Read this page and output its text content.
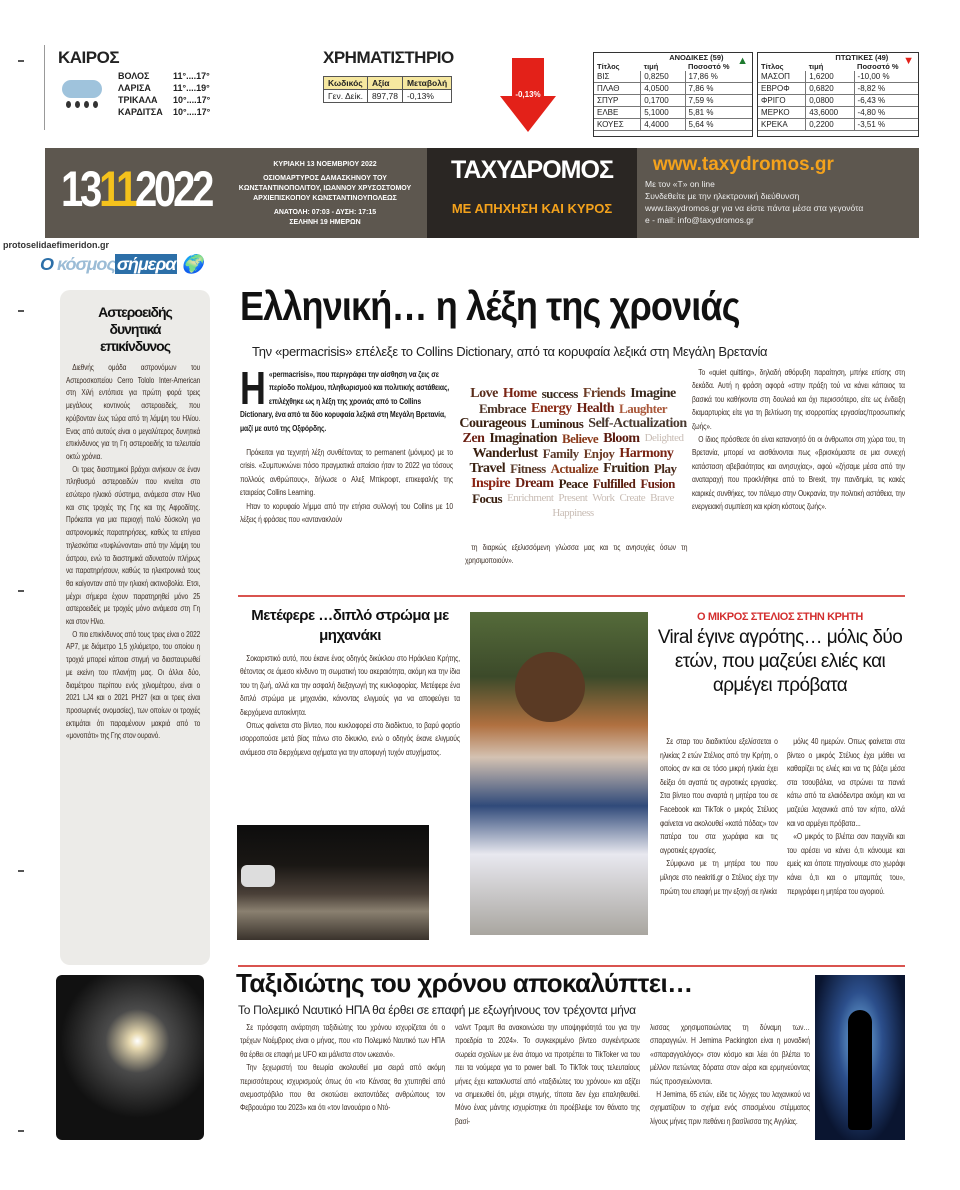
ΚΑΙΡΟΣ
ΒΟΛΟΣ	11°....17°
ΛΑΡΙΣΑ	11°....19°
ΤΡΙΚΑΛΑ	10°....17°
ΚΑΡΔΙΤΣΑ	10°....17°
ΧΡΗΜΑΤΙΣΤΗΡΙΟ
Κωδικός	Αξία	Μεταβολή
Γεν. Δείκ.	897,78	-0,13%	-0,13%
	ΑΝΟΔΙΚΕΣ (59)	
Τίτλος	τιμή	Ποσοστό %
ΒΙΣ	0,8250	17,86 %
ΠΛΑΘ	4,0500	7,86 %
ΣΠΥΡ	0,1700	7,59 %
ΕΛΒΕ	5,1000	5,81 %
ΚΟΥΕΣ	4,4000	5,64 %
▲
		ΠΤΩΤΙΚΕΣ (49)	
Τίτλος	τιμή	Ποσοστό %
ΜΑΣΟΠ	1,6200	-10,00 %
ΕΒΡΟΦ	0,6820	-8,82 %
ΦΡΙΓΟ	0,0800	-6,43 %
ΜΕΡΚΟ	43,6000	-4,80 %
ΚΡΕΚΑ	0,2200	-3,51 %
▼
13112022	ΚΥΡΙΑΚΗ 13 ΝΟΕΜΒΡΙΟΥ 2022
ΟΣΙΟΜΑΡΤΥΡΟΣ ΔΑΜΑΣΚΗΝΟΥ ΤΟΥ ΚΩΝΣΤΑΝΤΙΝΟΠΟΛΙΤΟΥ, ΙΩΑΝΝΟΥ ΧΡΥΣΟΣΤΟΜΟΥ ΑΡΧΙΕΠΙΣΚΟΠΟΥ ΚΩΝΣΤΑΝΤΙΝΟΥΠΟΛΕΩΣ
ΑΝΑΤΟΛΗ: 07:03 - ΔΥΣΗ: 17:15
ΣΕΛΗΝΗ 19 ΗΜΕΡΩΝ
ΤΑΧΥΔΡΟΜΟΣ
ΜΕ ΑΠΗΧΗΣΗ ΚΑΙ ΚΥΡΟΣ
www.taxydromos.gr
Με τον «Τ» on line
Συνδεθείτε με την ηλεκτρονική διεύθυνση
www.taxydromos.gr για να είστε πάντα μέσα στα γεγονότα
e - mail: info@taxydromos.gr
protoselidaefimeridon.gr
Ο κόσμος σήμερα 🌍
Αστεροειδής δυνητικά επικίνδυνος

Διεθνής ομάδα αστρονόμων του Αστεροσκοπείου Cerro Tololo Inter-American στη Χιλή εντόπισε για πρώτη φορά τρεις μεγάλους κοντινούς αστεροειδείς, που κρύβονταν έως τώρα από τη λάμψη του Ηλίου. Ενας από αυτούς είναι ο μεγαλύτερος δυνητικά επικίνδυνος για τη Γη αστεροειδής τα τελευταία οκτώ χρόνια.

Οι τρεις διαστημικοί βράχοι ανήκουν σε έναν πληθυσμό αστεροειδών που κινείται στο εσώτερο ηλιακό σύστημα, ανάμεσα στον Ηλιο και στις τροχιές της Γης και της Αφροδίτης. Πρόκειται για μια περιοχή πολύ δύσκολη για αστρονομικές παρατηρήσεις, καθώς τα επίγεια τηλεσκόπια «τυφλώνονται» από την λάμψη του άστρου, ενώ τα διαστημικά αδυνατούν πλήρως να παρατηρήσουν, καθώς τα ηλεκτρονικά τους θα καίγονταν από την ηλιακή ακτινοβολία. Ετσι, μέχρι σήμερα έχουν παρατηρηθεί μόνο 25 αστεροειδείς με τροχιές μόνο ανάμεσα στη Γη και στον Ηλιο.

Ο πιο επικίνδυνος από τους τρεις είναι ο 2022 AP7, με διάμετρο 1,5 χιλιόμετρο, του οποίου η τροχιά μπορεί κάποια στιγμή να διασταυρωθεί με εκείνη του πλανήτη μας. Οι άλλοι δύο, διαμέτρου περίπου ενός χιλιομέτρου, είναι ο 2021 LJ4 και ο 2021 PH27 (και οι τρεις είναι προσωρινές ονομασίες), των οποίων οι τροχιές εκτιμάται ότι παραμένουν μακριά από το «μονοπάτι» της Γης στον ουρανό.

Ελληνική… η λέξη της χρονιάς
Την «permacrisis» επέλεξε το Collins Dictionary, από τα κορυφαία λεξικά στη Μεγάλη Βρετανία
Η «permacrisis», που περιγράφει την αίσθηση να ζεις σε περίοδο πολέμου, πληθωρισμού και πολιτικής αστάθειας, επιλέχθηκε ως η λέξη της χρονιάς από το Collins Dictionary, ένα από τα δύο κορυφαία λεξικά στη Μεγάλη Βρετανία, μαζί με αυτό της Οξφόρδης.

Πρόκειται για τεχνητή λέξη συνθέτοντας το permanent (μόνιμος) με το crisis. «Συμπυκνώνει πόσο πραγματικά απαίσιο ήταν το 2022 για τόσους πολλούς ανθρώπους», δήλωσε ο Αλεξ Μπίκροφτ, επικεφαλής της εταιρείας Collins Learning.

Ηταν το κορυφαίο λήμμα από την ετήσια συλλογή του Collins με 10 λέξεις ή φράσεις που «αντανακλούν

Love Home success Friends Imagine
Embrace Energy Health Laughter
Courageous Luminous Self-Actualization
Zen Imagination Believe Bloom Delighted
Wanderlust Family Enjoy Harmony
Travel Fitness Actualize Fruition Play
Inspire Dream Peace Fulfilled Fusion
Focus Enrichment Present Work Create Brave
Happiness

τη διαρκώς εξελισσόμενη γλώσσα μας και τις ανησυχίες όσων τη χρησιμοποιούν».

Το «quiet quitting», δηλαδή αθόρυβη παραίτηση, μπήκε επίσης στη δεκάδα. Αυτή η φράση αφορά «στην πράξη τού να κάνει κάποιος τα βασικά του καθήκοντα στη δουλειά και όχι περισσότερο, είτε ως ένδειξη διαμαρτυρίας είτε για τη βελτίωση της ισορροπίας εργασίας/προσωπικής ζωής».

Ο ίδιος πρόσθεσε ότι είναι κατανοητό ότι οι άνθρωποι στη χώρα του, τη Βρετανία, μπορεί να αισθάνονται πως «βρισκόμαστε σε μια συνεχή κατάσταση αβεβαιότητας και ανησυχίας», αφού «ζήσαμε μέσα από την αναταραχή που προκλήθηκε από το Brexit, την πανδημία, τις κακές καιρικές συνθήκες, τον πόλεμο στην Ουκρανία, την πολιτική αστάθεια, την ενεργειακή συμπίεση και κρίση κόστους ζωής».

Μετέφερε …διπλό στρώμα με μηχανάκι

Σοκαριστικό αυτό, που έκανε ένας οδηγός δικύκλου στο Ηράκλειο Κρήτης, θέτοντας σε άμεσο κίνδυνο τη σωματική του ακεραιότητα, ακόμη και την ίδια του τη ζωή, αλλά και την ασφαλή διεξαγωγή της κυκλοφορίας. Μετέφερε ένα διπλό στρώμα με μηχανάκι, κάνοντας ελιγμούς για να αποφεύγει τα διερχόμενα αυτοκίνητα.

Οπως φαίνεται στο βίντεο, που κυκλοφορεί στο διαδίκτυο, το βαρύ φορτίο ισορροπούσε μετά βίας πάνω στο δίκυκλο, ενώ ο οδηγός έκανε ελιγμούς ανάμεσα στα διερχόμενα οχήματα για την αποφυγή τυχόν ατυχήματος.

Ο ΜΙΚΡΟΣ ΣΤΕΛΙΟΣ ΣΤΗΝ ΚΡΗΤΗ
Viral έγινε αγρότης… μόλις δύο ετών, που μαζεύει ελιές και αρμέγει πρόβατα

Σε σταρ του διαδικτύου εξελίσσεται ο ηλικίας 2 ετών Στέλιος από την Κρήτη, ο οποίος αν και σε τόσο μικρή ηλικία έχει δείξει ότι αγαπά τις αγροτικές εργασίες. Στα βίντεο που αναρτά η μητέρα του σε Facebook και TikTok ο μικρός Στέλιος φαίνεται να ακολουθεί «κατά πόδας» τον πατέρα του στα χωράφια και τις αγροτικές εργασίες.

Σύμφωνα με τη μητέρα του που μίλησε στο neakriti.gr ο Στέλιος είχε την πρώτη του επαφή με την εξοχή σε ηλικία

μόλις 40 ημερών. Οπως φαίνεται στα βίντεο ο μικρός Στέλιος έχει μάθει να καθαρίζει τις ελιές και να τις βάζει μέσα στα τσουβάλια, να στρώνει τα πανιά κάτω από τα ελαιόδεντρα ακόμη και να μαζεύει λαχανικά από τον κήπο, αλλά και να αρμέγει πρόβατα...

«Ο μικρός το βλέπει σαν παιχνίδι και του αρέσει να κάνει ό,τι κάνουμε και εμείς και όποτε πηγαίνουμε στο χωράφι κάνει ό,τι και ο μπαμπάς του», περιγράφει η μητέρα του αγοριού.

Ταξιδιώτης του χρόνου αποκαλύπτει…
Το Πολεμικό Ναυτικό ΗΠΑ θα έρθει σε επαφή με εξωγήινους τον τρέχοντα μήνα

Σε πρόσφατη ανάρτηση ταξιδιώτης του χρόνου ισχυρίζεται ότι ο τρέχων Νοέμβριος είναι ο μήνας, που «το Πολεμικό Ναυτικό των ΗΠΑ θα έρθει σε επαφή με UFO και μάλιστα στον ωκεανό».

Την ξεχωριστή του θεωρία ακολουθεί μια σειρά από ακόμη περισσότερους ισχυρισμούς όπως ότι «το Κάνσας θα χτυπηθεί από ανεμοστρόβιλο που θα σκοτώσει εκατοντάδες ανθρώπους τον Φεβρουάριο του 2023» και ότι «τον Ιανουάριο ο Ντό-

ναλντ Τραμπ θα ανακοινώσει την υποψηφιότητά του για την προεδρία το 2024». Το συγκεκριμένο βίντεο συγκέντρωσε σωρεία σχολίων με ένα άτομο να προτρέπει το TikToker να του πει τα νούμερα για το power ball. Το TikTok τους τελευταίους μήνες έχει κατακλυστεί από «ταξιδιώτες του χρόνου» και αξίζει να σημειωθεί ότι, μέχρι στιγμής, τίποτα δεν έχει επαληθευθεί. Μόνο ένας μάντης ισχυρίστηκε ότι προέβλεψε τον θάνατο της βασί-

λισσας χρησιμοποιώντας τη δύναμη των… σπαραγγιών. Η Jemima Packington είναι η μοναδική «σπαραγγολόγος» στον κόσμο και λέει ότι βλέπει το μέλλον πετώντας δόρατα στον αέρα και ερμηνεύοντας πώς προσγειώνονται.

Η Jemima, 65 ετών, είδε τις λόγχες του λαχανικού να σχηματίζουν το σχήμα ενός σπασμένου στέμματος λίγους μήνες πριν πεθάνει η βασίλισσα της Αγγλίας.
